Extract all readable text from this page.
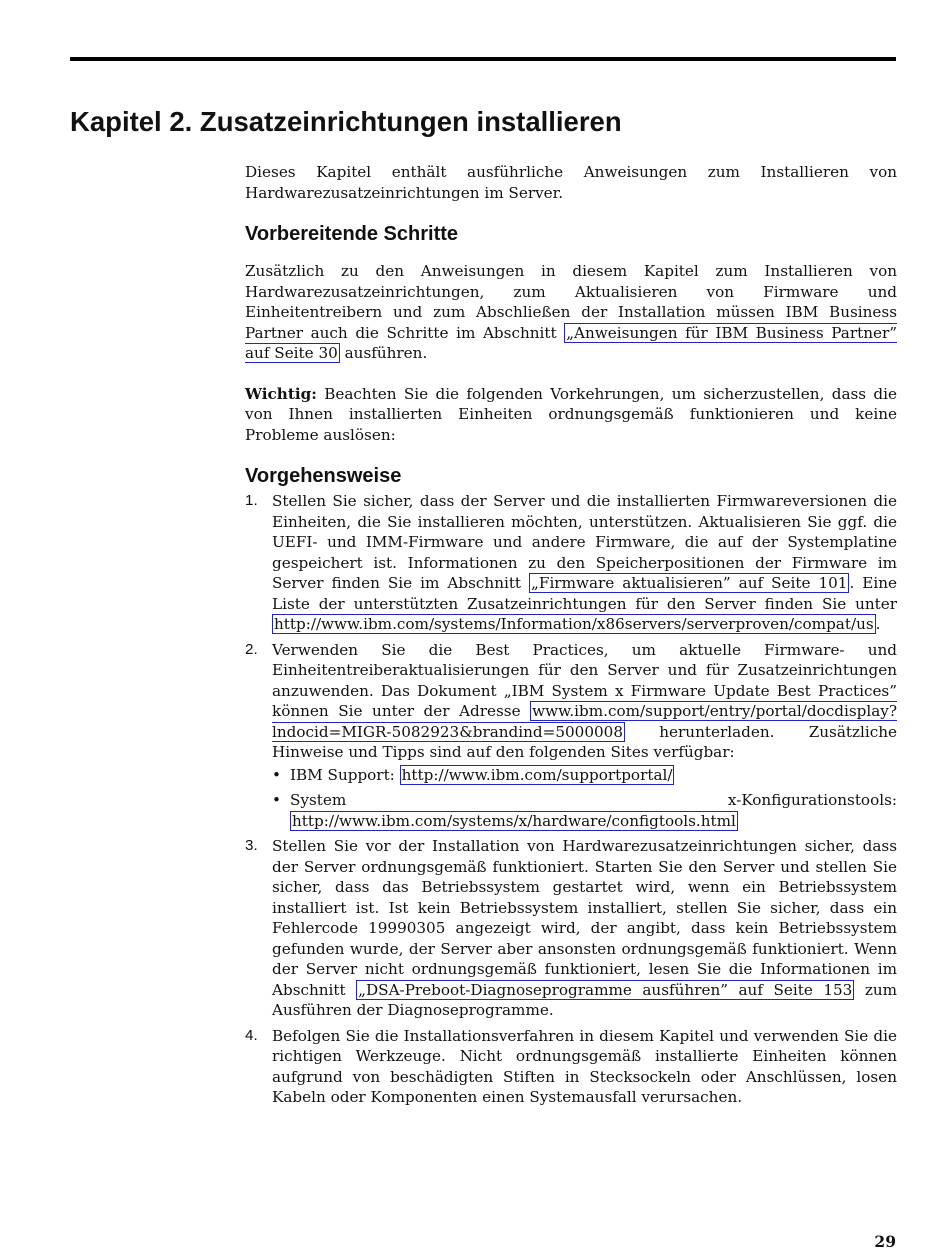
Kapitel 2. Zusatzeinrichtungen installieren

Dieses Kapitel enthält ausführliche Anweisungen zum Installieren von Hardwarezusatzeinrichtungen im Server.

Vorbereitende Schritte

Zusätzlich zu den Anweisungen in diesem Kapitel zum Installieren von Hardwarezusatzeinrichtungen, zum Aktualisieren von Firmware und Einheitentreibern und zum Abschließen der Installation müssen IBM Business Partner auch die Schritte im Abschnitt „Anweisungen für IBM Business Partner” auf Seite 30 ausführen.

Wichtig: Beachten Sie die folgenden Vorkehrungen, um sicherzustellen, dass die von Ihnen installierten Einheiten ordnungsgemäß funktionieren und keine Probleme auslösen:

Vorgehensweise
1. Stellen Sie sicher, dass der Server und die installierten Firmwareversionen die Einheiten, die Sie installieren möchten, unterstützen. Aktualisieren Sie ggf. die UEFI- und IMM-Firmware und andere Firmware, die auf der Systemplatine gespeichert ist. Informationen zu den Speicherpositionen der Firmware im Server finden Sie im Abschnitt „Firmware aktualisieren” auf Seite 101 . Eine Liste der unterstützten Zusatzeinrichtungen für den Server finden Sie unter http://www.ibm.com/systems/Information/x86servers/serverproven/compat/us .
2. Verwenden Sie die Best Practices, um aktuelle Firmware- und Einheitentreiberaktualisierungen für den Server und für Zusatzeinrichtungen anzuwenden. Das Dokument „IBM System x Firmware Update Best Practices” können Sie unter der Adresse www.ibm.com/support/entry/portal/docdisplay?lndocid=MIGR-5082923&brandind=5000008 herunterladen. Zusätzliche Hinweise und Tipps sind auf den folgenden Sites verfügbar:
• IBM Support: http://www.ibm.com/supportportal/
• System x-Konfigurationstools: http://www.ibm.com/systems/x/hardware/configtools.html
3. Stellen Sie vor der Installation von Hardwarezusatzeinrichtungen sicher, dass der Server ordnungsgemäß funktioniert. Starten Sie den Server und stellen Sie sicher, dass das Betriebssystem gestartet wird, wenn ein Betriebssystem installiert ist. Ist kein Betriebssystem installiert, stellen Sie sicher, dass ein Fehlercode 19990305 angezeigt wird, der angibt, dass kein Betriebssystem gefunden wurde, der Server aber ansonsten ordnungsgemäß funktioniert. Wenn der Server nicht ordnungsgemäß funktioniert, lesen Sie die Informationen im Abschnitt „DSA-Preboot-Diagnoseprogramme ausführen” auf Seite 153 zum Ausführen der Diagnoseprogramme.
4. Befolgen Sie die Installationsverfahren in diesem Kapitel und verwenden Sie die richtigen Werkzeuge. Nicht ordnungsgemäß installierte Einheiten können aufgrund von beschädigten Stiften in Stecksockeln oder Anschlüssen, losen Kabeln oder Komponenten einen Systemausfall verursachen.
29
